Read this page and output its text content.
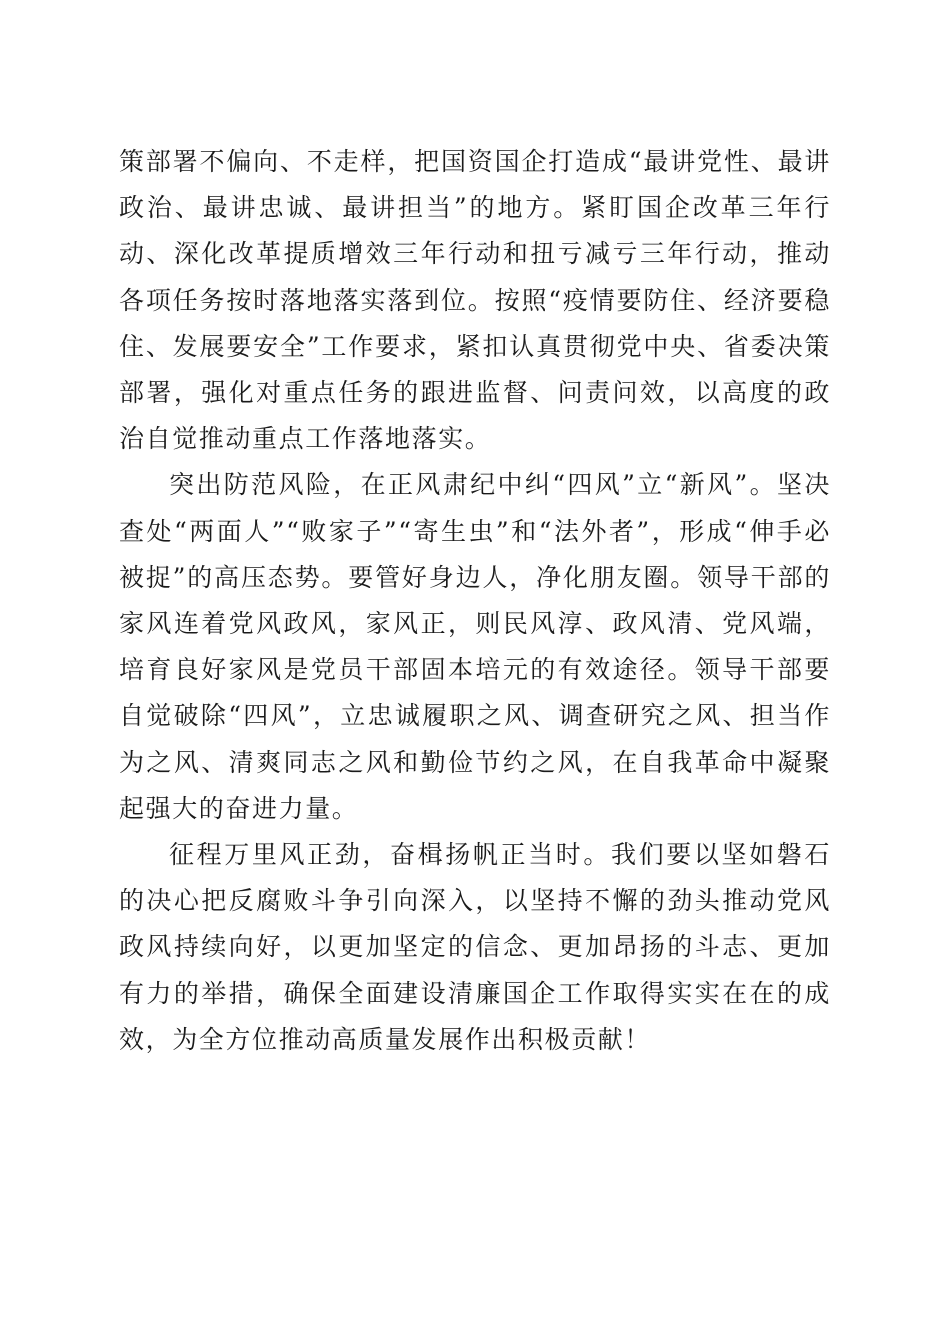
策部署不偏向、不走样，把国资国企打造成“最讲党性、最讲政治、最讲忠诚、最讲担当”的地方。紧盯国企改革三年行动、深化改革提质增效三年行动和扭亏减亏三年行动，推动各项任务按时落地落实落到位。按照“疫情要防住、经济要稳住、发展要安全”工作要求，紧扣认真贯彻党中央、省委决策部署，强化对重点任务的跟进监督、问责问效，以高度的政治自觉推动重点工作落地落实。

突出防范风险，在正风肃纪中纠“四风”立“新风”。坚决查处“两面人”“败家子”“寄生虫”和“法外者”，形成“伸手必被捉”的高压态势。要管好身边人，净化朋友圈。领导干部的家风连着党风政风，家风正，则民风淳、政风清、党风端，培育良好家风是党员干部固本培元的有效途径。领导干部要自觉破除“四风”，立忠诚履职之风、调查研究之风、担当作为之风、清爽同志之风和勤俭节约之风，在自我革命中凝聚起强大的奋进力量。

征程万里风正劲，奋楫扬帆正当时。我们要以坚如磐石的决心把反腐败斗争引向深入，以坚持不懈的劲头推动党风政风持续向好，以更加坚定的信念、更加昂扬的斗志、更加有力的举措，确保全面建设清廉国企工作取得实实在在的成效，为全方位推动高质量发展作出积极贡献！
